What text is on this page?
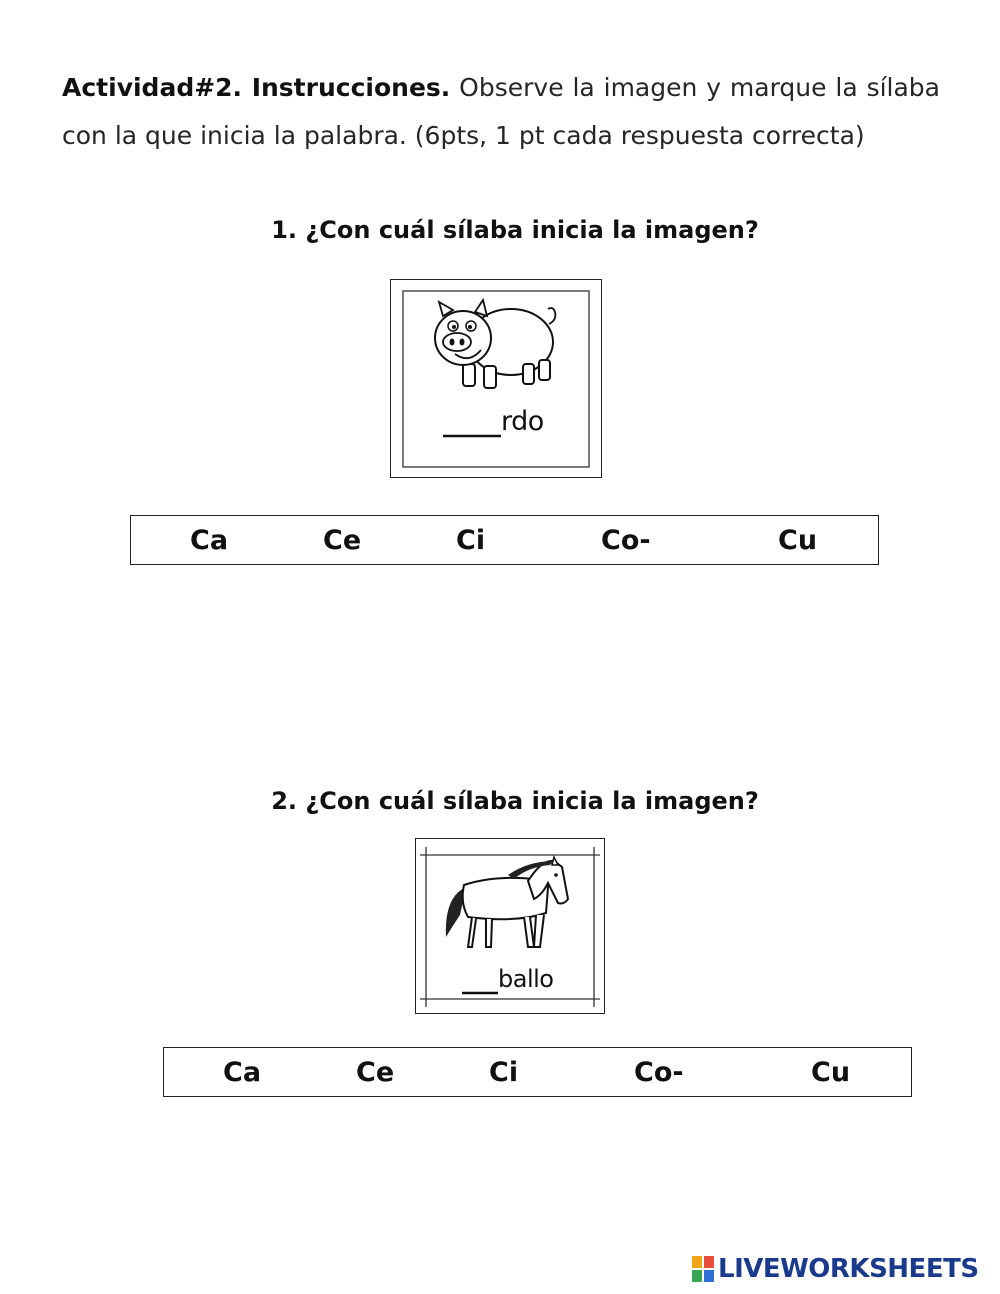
Actividad#2. Instrucciones. Observe la imagen y marque la sílaba con la que inicia la palabra. (6pts, 1 pt cada respuesta correcta)
1. ¿Con cuál sílaba inicia la imagen?
rdo
Ca	Ce	Ci	Co-	Cu
2. ¿Con cuál sílaba inicia la imagen?
ballo
Ca	Ce	Ci	Co-	Cu
LIVEWORKSHEETS
